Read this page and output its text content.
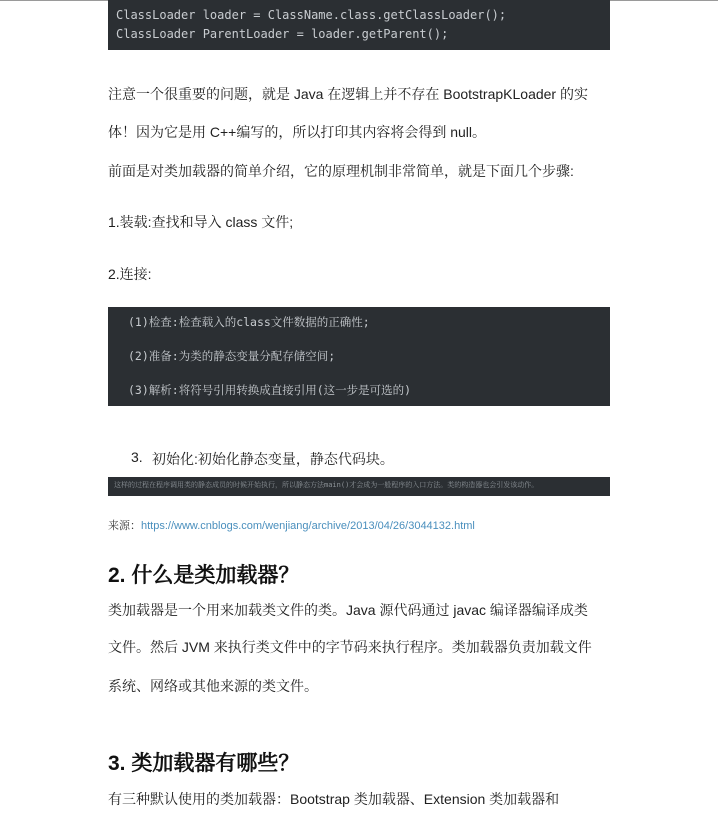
ClassLoader loader = ClassName.class.getClassLoader();
ClassLoader ParentLoader = loader.getParent();
注意一个很重要的问题，就是 Java 在逻辑上并不存在 BootstrapKLoader 的实
体！因为它是用 C++编写的，所以打印其内容将会得到 null。
前面是对类加载器的简单介绍，它的原理机制非常简单，就是下面几个步骤:
1.装载:查找和导入 class 文件;
2.连接:
(1)检查:检查载入的class文件数据的正确性;
(2)准备:为类的静态变量分配存储空间;
(3)解析:将符号引用转换成直接引用(这一步是可选的)
3. 初始化:初始化静态变量，静态代码块。
这样的过程在程序调用类的静态成员的时候开始执行，所以静态方法main()才会成为一般程序的入口方法。类的构造器也会引发该动作。
来源：https://www.cnblogs.com/wenjiang/archive/2013/04/26/3044132.html
2. 什么是类加载器？
类加载器是一个用来加载类文件的类。Java 源代码通过 javac 编译器编译成类
文件。然后 JVM 来执行类文件中的字节码来执行程序。类加载器负责加载文件
系统、网络或其他来源的类文件。
3. 类加载器有哪些？
有三种默认使用的类加载器：Bootstrap 类加载器、Extension 类加载器和
